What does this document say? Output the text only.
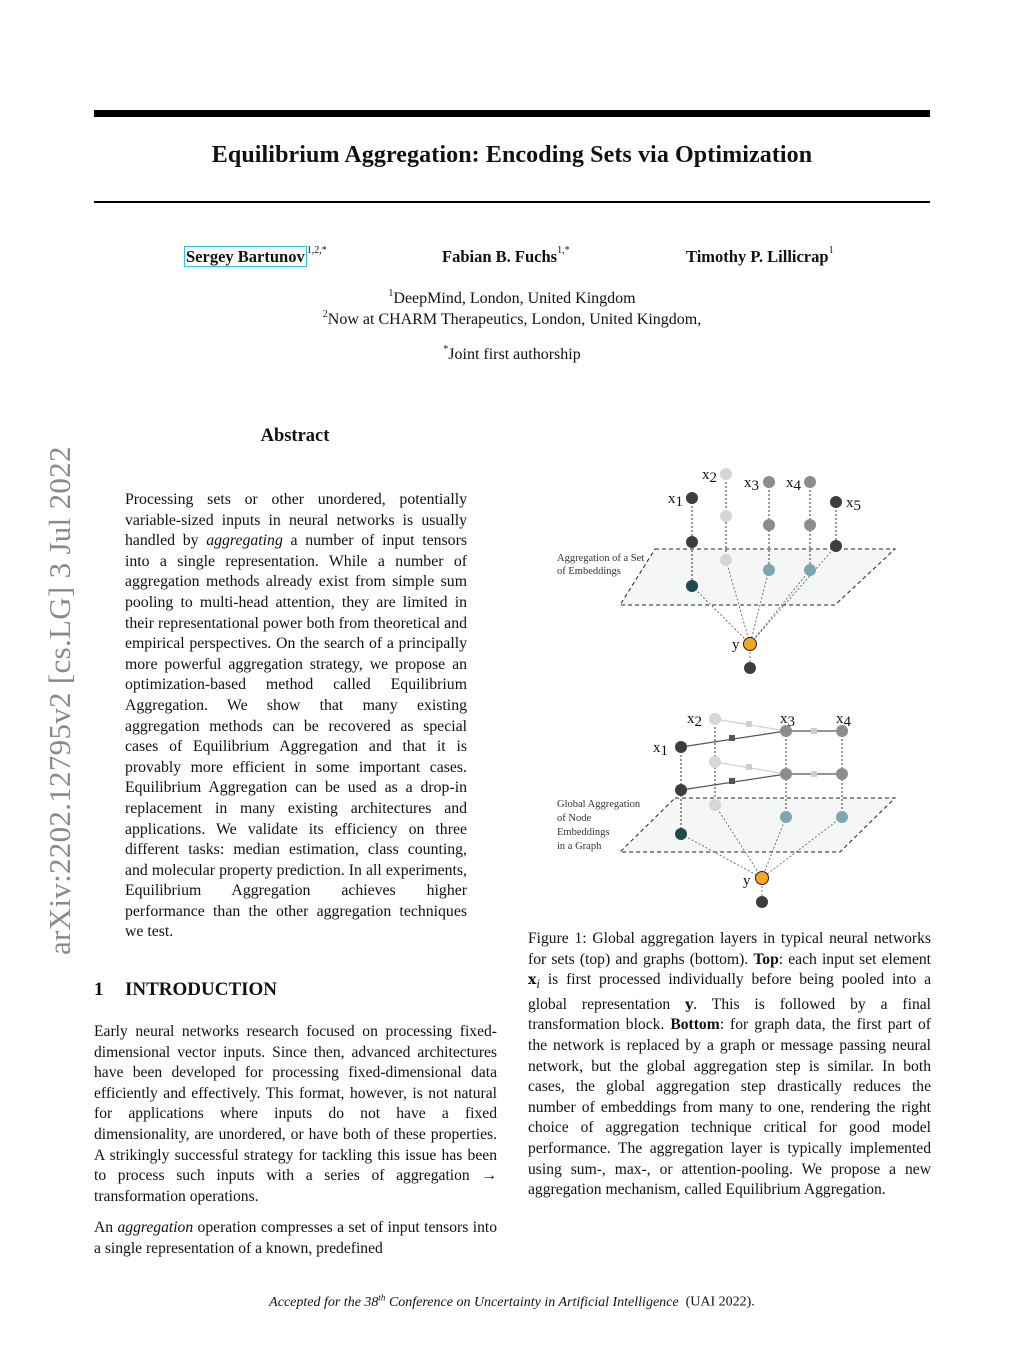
Equilibrium Aggregation: Encoding Sets via Optimization
Sergey Bartunov $^{1,2,*}$	Fabian B. Fuchs$^{1,*}$	Timothy P. Lillicrap$^1$
$^1$DeepMind, London, United Kingdom
$^2$Now at CHARM Therapeutics, London, United Kingdom,
*Joint first authorship
arXiv:2202.12795v2 [cs.LG] 3 Jul 2022
Abstract
Processing sets or other unordered, potentially variable-sized inputs in neural networks is usually handled by aggregating a number of input tensors into a single representation. While a number of aggregation methods already exist from simple sum pooling to multi-head attention, they are limited in their representational power both from theoretical and empirical perspectives. On the search of a principally more powerful aggregation strategy, we propose an optimization-based method called Equilibrium Aggregation. We show that many existing aggregation methods can be recovered as special cases of Equilibrium Aggregation and that it is provably more efficient in some important cases. Equilibrium Aggregation can be used as a drop-in replacement in many existing architectures and applications. We validate its efficiency on three different tasks: median estimation, class counting, and molecular property prediction. In all experiments, Equilibrium Aggregation achieves higher performance than the other aggregation techniques we test.
1 INTRODUCTION
Early neural networks research focused on processing fixed-dimensional vector inputs. Since then, advanced architectures have been developed for processing fixed-dimensional data efficiently and effectively. This format, however, is not natural for applications where inputs do not have a fixed dimensionality, are unordered, or have both of these properties. A strikingly successful strategy for tackling this issue has been to process such inputs with a series of aggregation → transformation operations.
An aggregation operation compresses a set of input tensors into a single representation of a known, predefined
x1
x2 x3 x4
x5
y
Aggregation of a Set
of Embeddings
x1
x2	x3	x4
y
Global Aggregation
of Node
Embeddings
in a Graph
Figure 1: Global aggregation layers in typical neural networks for sets (top) and graphs (bottom). Top: each input set element $x_i$ is first processed individually before being pooled into a global representation y. This is followed by a final transformation block. Bottom: for graph data, the first part of the network is replaced by a graph or message passing neural network, but the global aggregation step is similar. In both cases, the global aggregation step drastically reduces the number of embeddings from many to one, rendering the right choice of aggregation technique critical for good model performance. The aggregation layer is typically implemented using sum-, max-, or attention-pooling. We propose a new aggregation mechanism, called Equilibrium Aggregation.
Accepted for the 38th Conference on Uncertainty in Artificial Intelligence (UAI 2022).
